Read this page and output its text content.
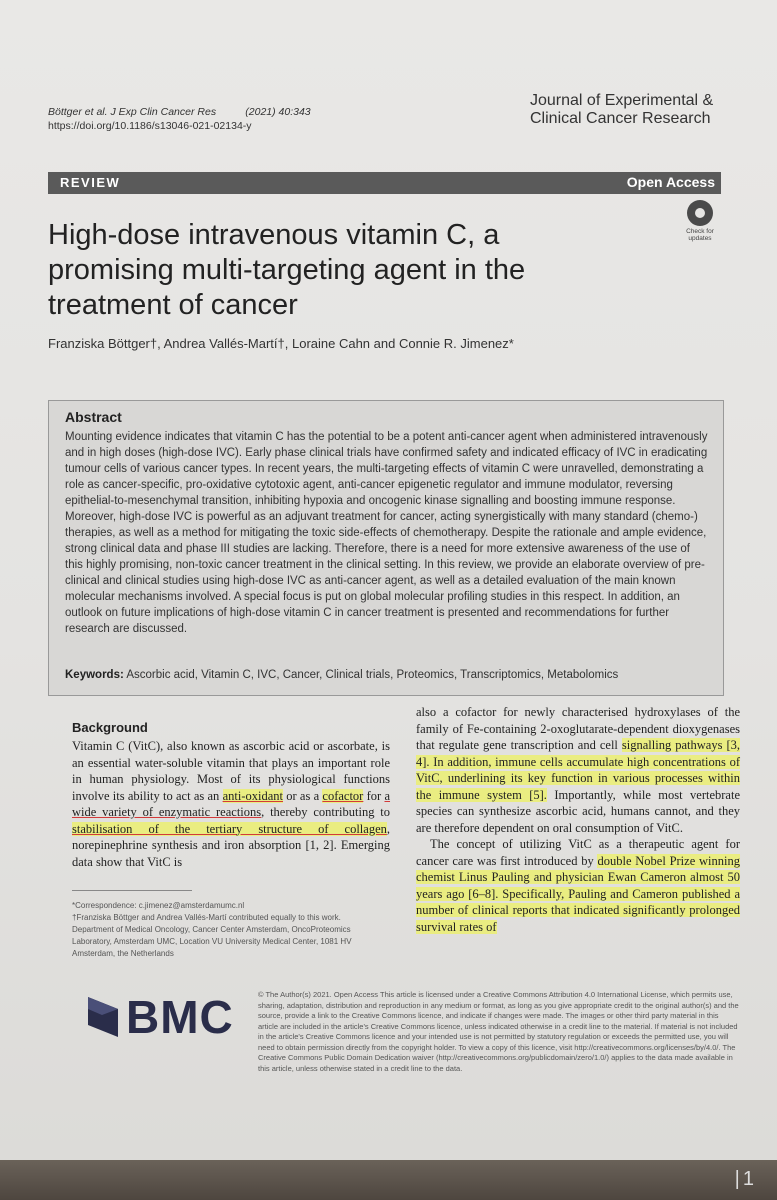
|1
Böttger et al. J Exp Clin Cancer Res	(2021) 40:343
https://doi.org/10.1186/s13046-021-02134-y
Journal of Experimental &
Clinical Cancer Research
REVIEW	Open Access
Check for updates
High-dose intravenous vitamin C, a promising multi-targeting agent in the treatment of cancer
Franziska Böttger†, Andrea Vallés-Martí†, Loraine Cahn and Connie R. Jimenez*
Abstract
Mounting evidence indicates that vitamin C has the potential to be a potent anti-cancer agent when administered intravenously and in high doses (high-dose IVC). Early phase clinical trials have confirmed safety and indicated efficacy of IVC in eradicating tumour cells of various cancer types. In recent years, the multi-targeting effects of vitamin C were unravelled, demonstrating a role as cancer-specific, pro-oxidative cytotoxic agent, anti-cancer epigenetic regulator and immune modulator, reversing epithelial-to-mesenchymal transition, inhibiting hypoxia and oncogenic kinase signalling and boosting immune response. Moreover, high-dose IVC is powerful as an adjuvant treatment for cancer, acting synergistically with many standard (chemo-) therapies, as well as a method for mitigating the toxic side-effects of chemotherapy. Despite the rationale and ample evidence, strong clinical data and phase III studies are lacking. Therefore, there is a need for more extensive awareness of the use of this highly promising, non-toxic cancer treatment in the clinical setting. In this review, we provide an elaborate overview of pre-clinical and clinical studies using high-dose IVC as anti-cancer agent, as well as a detailed evaluation of the main known molecular mechanisms involved. A special focus is put on global molecular profiling studies in this respect. In addition, an outlook on future implications of high-dose vitamin C in cancer treatment is presented and recommendations for further research are discussed.
Keywords: Ascorbic acid, Vitamin C, IVC, Cancer, Clinical trials, Proteomics, Transcriptomics, Metabolomics
Background
Vitamin C (VitC), also known as ascorbic acid or ascorbate, is an essential water-soluble vitamin that plays an important role in human physiology. Most of its physiological functions involve its ability to act as an anti-oxidant or as a cofactor for a wide variety of enzymatic reactions, thereby contributing to stabilisation of the tertiary structure of collagen, norepinephrine synthesis and iron absorption [1, 2]. Emerging data show that VitC is

also a cofactor for newly characterised hydroxylases of the family of Fe-containing 2-oxoglutarate-dependent dioxygenases that regulate gene transcription and cell signalling pathways [3, 4]. In addition, immune cells accumulate high concentrations of VitC, underlining its key function in various processes within the immune system [5]. Importantly, while most vertebrate species can synthesize ascorbic acid, humans cannot, and they are therefore dependent on oral consumption of VitC.

The concept of utilizing VitC as a therapeutic agent for cancer care was first introduced by double Nobel Prize winning chemist Linus Pauling and physician Ewan Cameron almost 50 years ago [6–8]. Specifically, Pauling and Cameron published a number of clinical reports that indicated significantly prolonged survival rates of

*Correspondence: c.jimenez@amsterdamumc.nl
†Franziska Böttger and Andrea Vallés-Martí contributed equally to this work.
Department of Medical Oncology, Cancer Center Amsterdam, OncoProteomics Laboratory, Amsterdam UMC, Location VU University Medical Center, 1081 HV Amsterdam, the Netherlands
BMC	© The Author(s) 2021. Open Access This article is licensed under a Creative Commons Attribution 4.0 International License, which permits use, sharing, adaptation, distribution and reproduction in any medium or format, as long as you give appropriate credit to the original author(s) and the source, provide a link to the Creative Commons licence, and indicate if changes were made. The images or other third party material in this article are included in the article's Creative Commons licence, unless indicated otherwise in a credit line to the material. If material is not included in the article's Creative Commons licence and your intended use is not permitted by statutory regulation or exceeds the permitted use, you will need to obtain permission directly from the copyright holder. To view a copy of this licence, visit http://creativecommons.org/licenses/by/4.0/. The Creative Commons Public Domain Dedication waiver (http://creativecommons.org/publicdomain/zero/1.0/) applies to the data made available in this article, unless otherwise stated in a credit line to the data.
